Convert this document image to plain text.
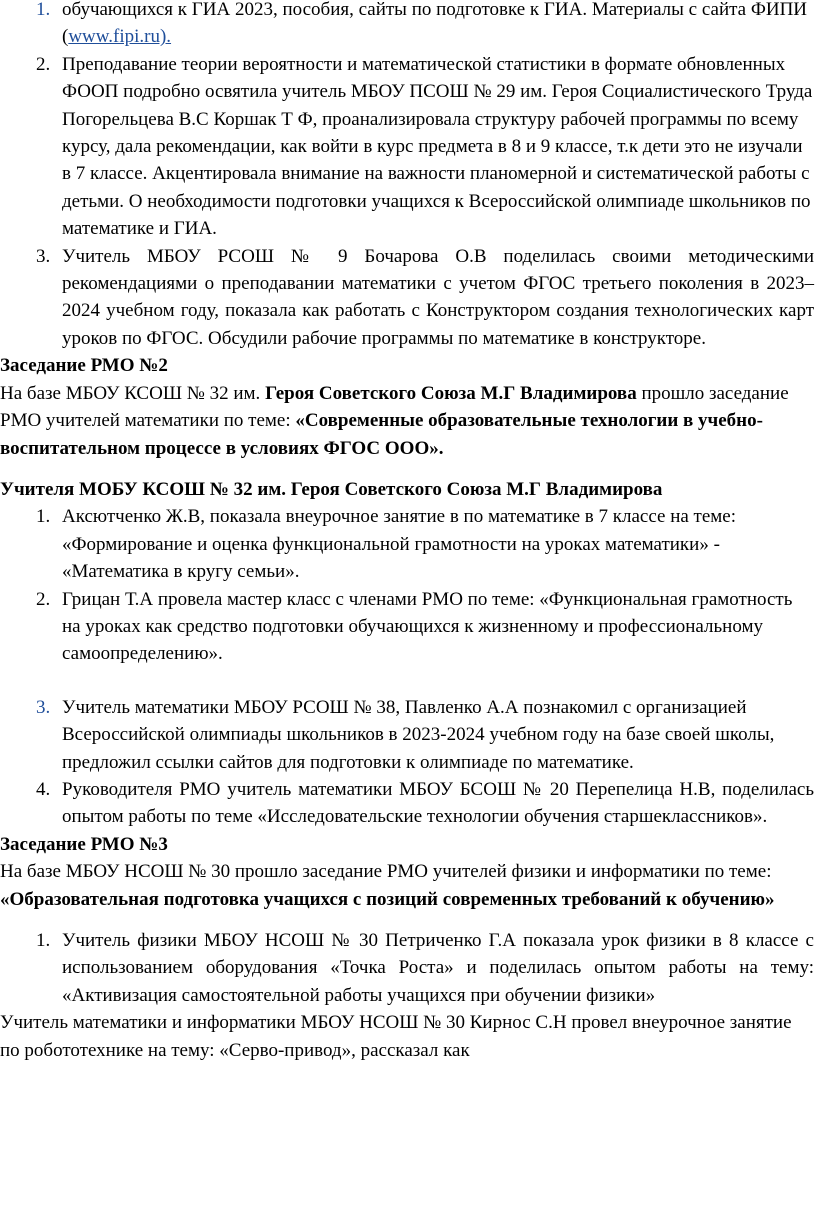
1. обучающихся к ГИА 2023, пособия, сайты по подготовке к ГИА. Материалы с сайта ФИПИ (www.fipi.ru).
2. Преподавание теории вероятности и математической статистики в формате обновленных ФООП подробно освятила учитель МБОУ ПСОШ № 29 им. Героя Социалистического Труда Погорельцева В.С Коршак Т Ф, проанализировала структуру рабочей программы по всему курсу, дала рекомендации, как войти в курс предмета в 8 и 9 классе, т.к дети это не изучали в 7 классе. Акцентировала внимание на важности планомерной и систематической работы с детьми. О необходимости подготовки учащихся к Всероссийской олимпиаде школьников по математике и ГИА.
3. Учитель МБОУ РСОШ № 9 Бочарова О.В поделилась своими методическими рекомендациями о преподавании математики с учетом ФГОС третьего поколения в 2023–2024 учебном году, показала как работать с Конструктором создания технологических карт уроков по ФГОС. Обсудили рабочие программы по математике в конструкторе.
Заседание РМО №2
На базе МБОУ КСОШ № 32 им. Героя Советского Союза М.Г Владимирова прошло заседание РМО учителей математики по теме: «Современные образовательные технологии в учебно-воспитательном процессе в условиях ФГОС ООО».
Учителя МОБУ КСОШ № 32 им. Героя Советского Союза М.Г Владимирова
1. Аксютченко Ж.В, показала внеурочное занятие в по математике в 7 классе на теме: «Формирование и оценка функциональной грамотности на уроках математики» - «Математика в кругу семьи».
2. Грицан Т.А провела мастер класс с членами РМО по теме: «Функциональная грамотность на уроках как средство подготовки обучающихся к жизненному и профессиональному самоопределению».
3. Учитель математики МБОУ РСОШ № 38, Павленко А.А познакомил с организацией Всероссийской олимпиады школьников в 2023-2024 учебном году на базе своей школы, предложил ссылки сайтов для подготовки к олимпиаде по математике.
4. Руководителя РМО учитель математики МБОУ БСОШ № 20 Перепелица Н.В, поделилась опытом работы по теме «Исследовательские технологии обучения старшеклассников».
Заседание РМО №3
На базе МБОУ НСОШ № 30 прошло заседание РМО учителей физики и информатики по теме: «Образовательная подготовка учащихся с позиций современных требований к обучению»
1. Учитель физики МБОУ НСОШ № 30 Петриченко Г.А показала урок физики в 8 классе с использованием оборудования «Точка Роста» и поделилась опытом работы на тему: «Активизация самостоятельной работы учащихся при обучении физики»
Учитель математики и информатики МБОУ НСОШ № 30 Кирнос С.Н провел внеурочное занятие по робототехнике на тему: «Серво-привод», рассказал как
